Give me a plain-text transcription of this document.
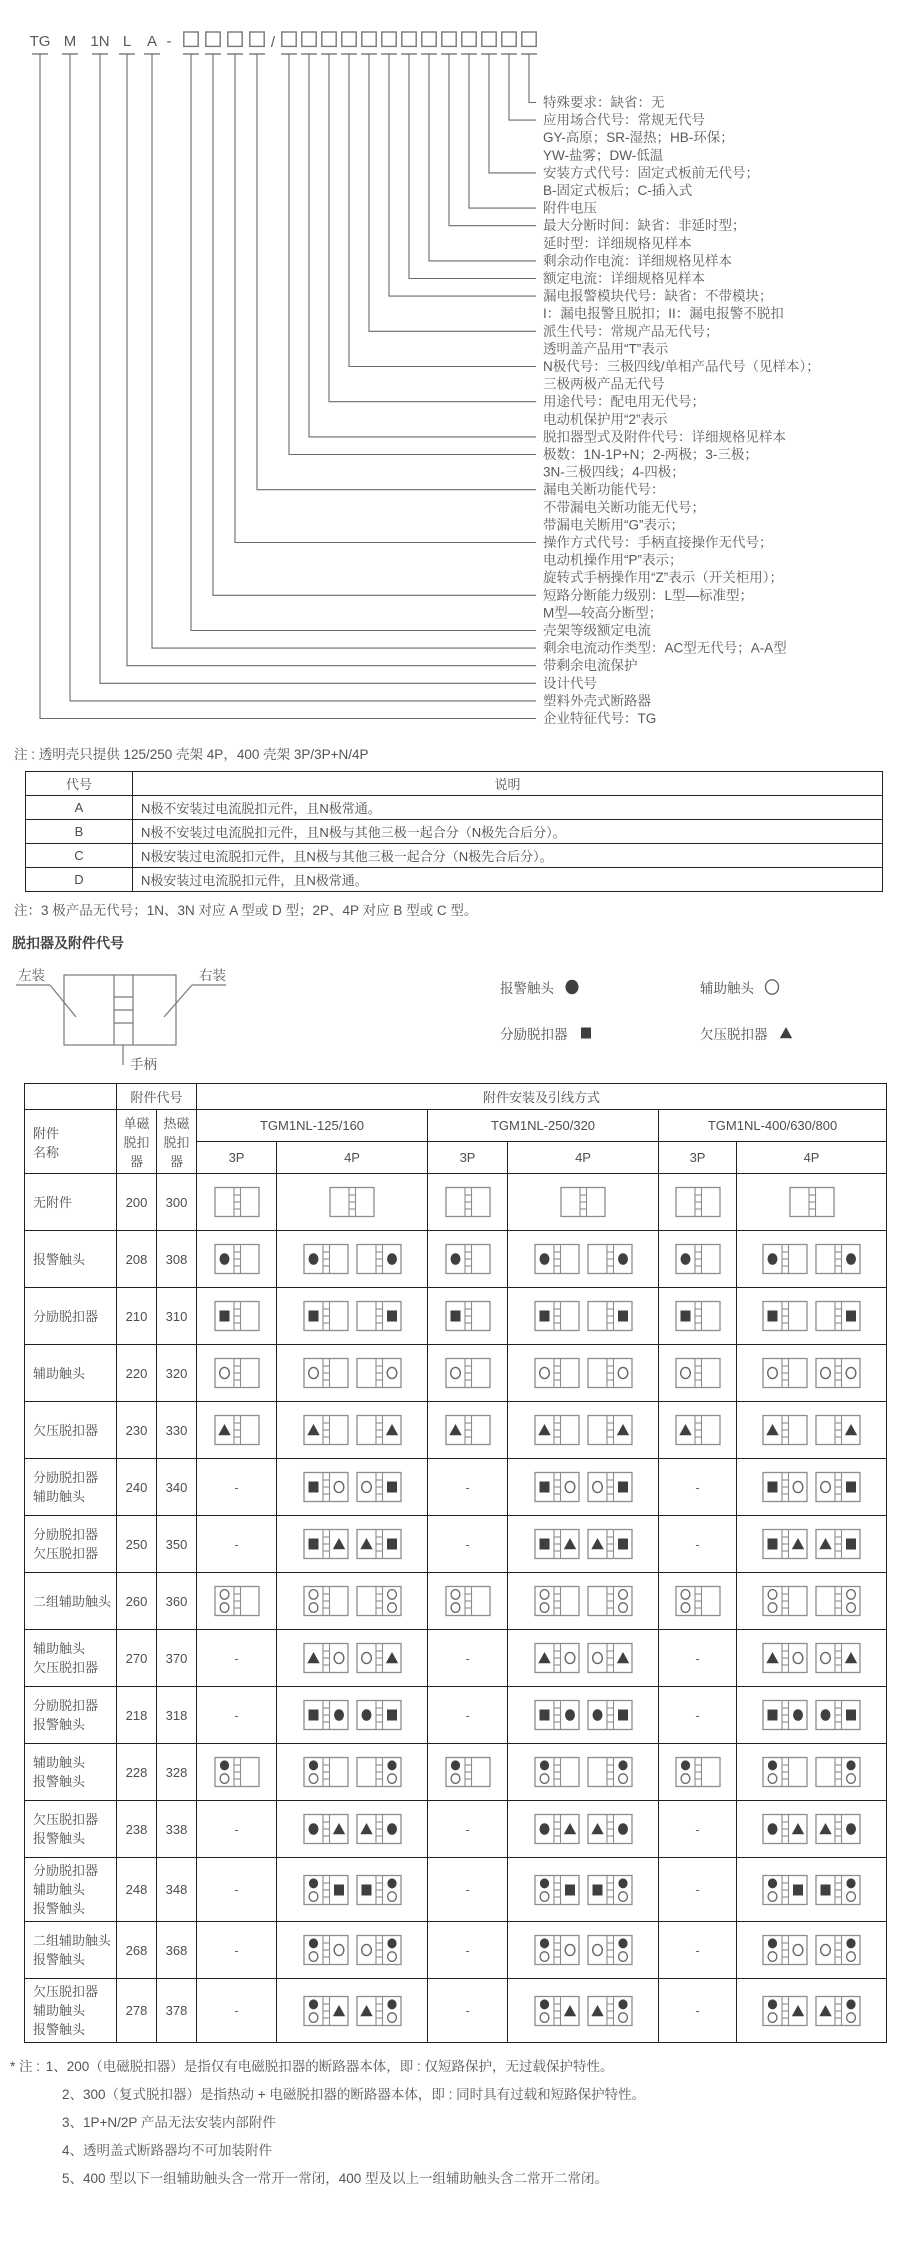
TG M 1N L A -	/
特殊要求：缺省：无
应用场合代号：常规无代号
GY-高原；SR-湿热；HB-环保；
YW-盐雾；DW-低温
安装方式代号：固定式板前无代号；
B-固定式板后；C-插入式
附件电压
最大分断时间：缺省：非延时型；
延时型：详细规格见样本
剩余动作电流：详细规格见样本
额定电流：详细规格见样本
漏电报警模块代号：缺省：不带模块；
I：漏电报警且脱扣；II：漏电报警不脱扣
派生代号：常规产品无代号；
透明盖产品用“T”表示
N极代号：三极四线/单相产品代号（见样本）；
三极两极产品无代号
用途代号：配电用无代号；
电动机保护用“2”表示
脱扣器型式及附件代号：详细规格见样本
极数：1N-1P+N；2-两极；3-三极；
3N-三极四线；4-四极；
漏电关断功能代号：
不带漏电关断功能无代号；
带漏电关断用“G”表示；
操作方式代号：手柄直接操作无代号；
电动机操作用“P”表示；
旋转式手柄操作用“Z”表示（开关柜用）；
短路分断能力级别：L型—标准型；
M型—较高分断型；
壳架等级额定电流
剩余电流动作类型：AC型无代号；A-A型
带剩余电流保护
设计代号
塑料外壳式断路器
企业特征代号：TG
注 : 透明壳只提供 125/250 壳架 4P，400 壳架 3P/3P+N/4P
代号	说明
A	N极不安装过电流脱扣元件，且N极常通。
B	N极不安装过电流脱扣元件，且N极与其他三极一起合分（N极先合后分）。
C	N极安装过电流脱扣元件，且N极与其他三极一起合分（N极先合后分）。
D	N极安装过电流脱扣元件，且N极常通。
注：3 极产品无代号；1N、3N 对应 A 型或 D 型；2P、4P 对应 B 型或 C 型。
脱扣器及附件代号
左装	右装
手柄
报警触头	辅助触头
分励脱扣器	欠压脱扣器
	附件代号		附件安装及引线方式					
附件
名称	单磁脱扣器	热磁脱扣器	TGM1NL-125/160		TGM1NL-250/320		TGM1NL-400/630/800	
			3P	4P	3P	4P	3P	4P
无附件	200	300	

报警触头	208	308	

分励脱扣器	210	310	

辅助触头	220	320	

欠压脱扣器	230	330	

分励脱扣器
辅助触头	240	340	-		-		-	

分励脱扣器
欠压脱扣器	250	350	-		-		-	

二组辅助触头	260	360	

辅助触头
欠压脱扣器	270	370	-		-		-	

分励脱扣器
报警触头	218	318	-		-		-	

辅助触头
报警触头	228	328	

欠压脱扣器
报警触头	238	338	-		-		-	

分励脱扣器
辅助触头
报警触头	248	348	-		-		-	

二组辅助触头
报警触头	268	368	-		-		-	

欠压脱扣器
辅助触头
报警触头	278	378	-		-		-	
* 注 : 1、200（电磁脱扣器）是指仅有电磁脱扣器的断路器本体，即 : 仅短路保护，无过载保护特性。
2、300（复式脱扣器）是指热动 + 电磁脱扣器的断路器本体，即 : 同时具有过载和短路保护特性。
3、1P+N/2P 产品无法安装内部附件
4、透明盖式断路器均不可加装附件
5、400 型以下一组辅助触头含一常开一常闭，400 型及以上一组辅助触头含二常开二常闭。
